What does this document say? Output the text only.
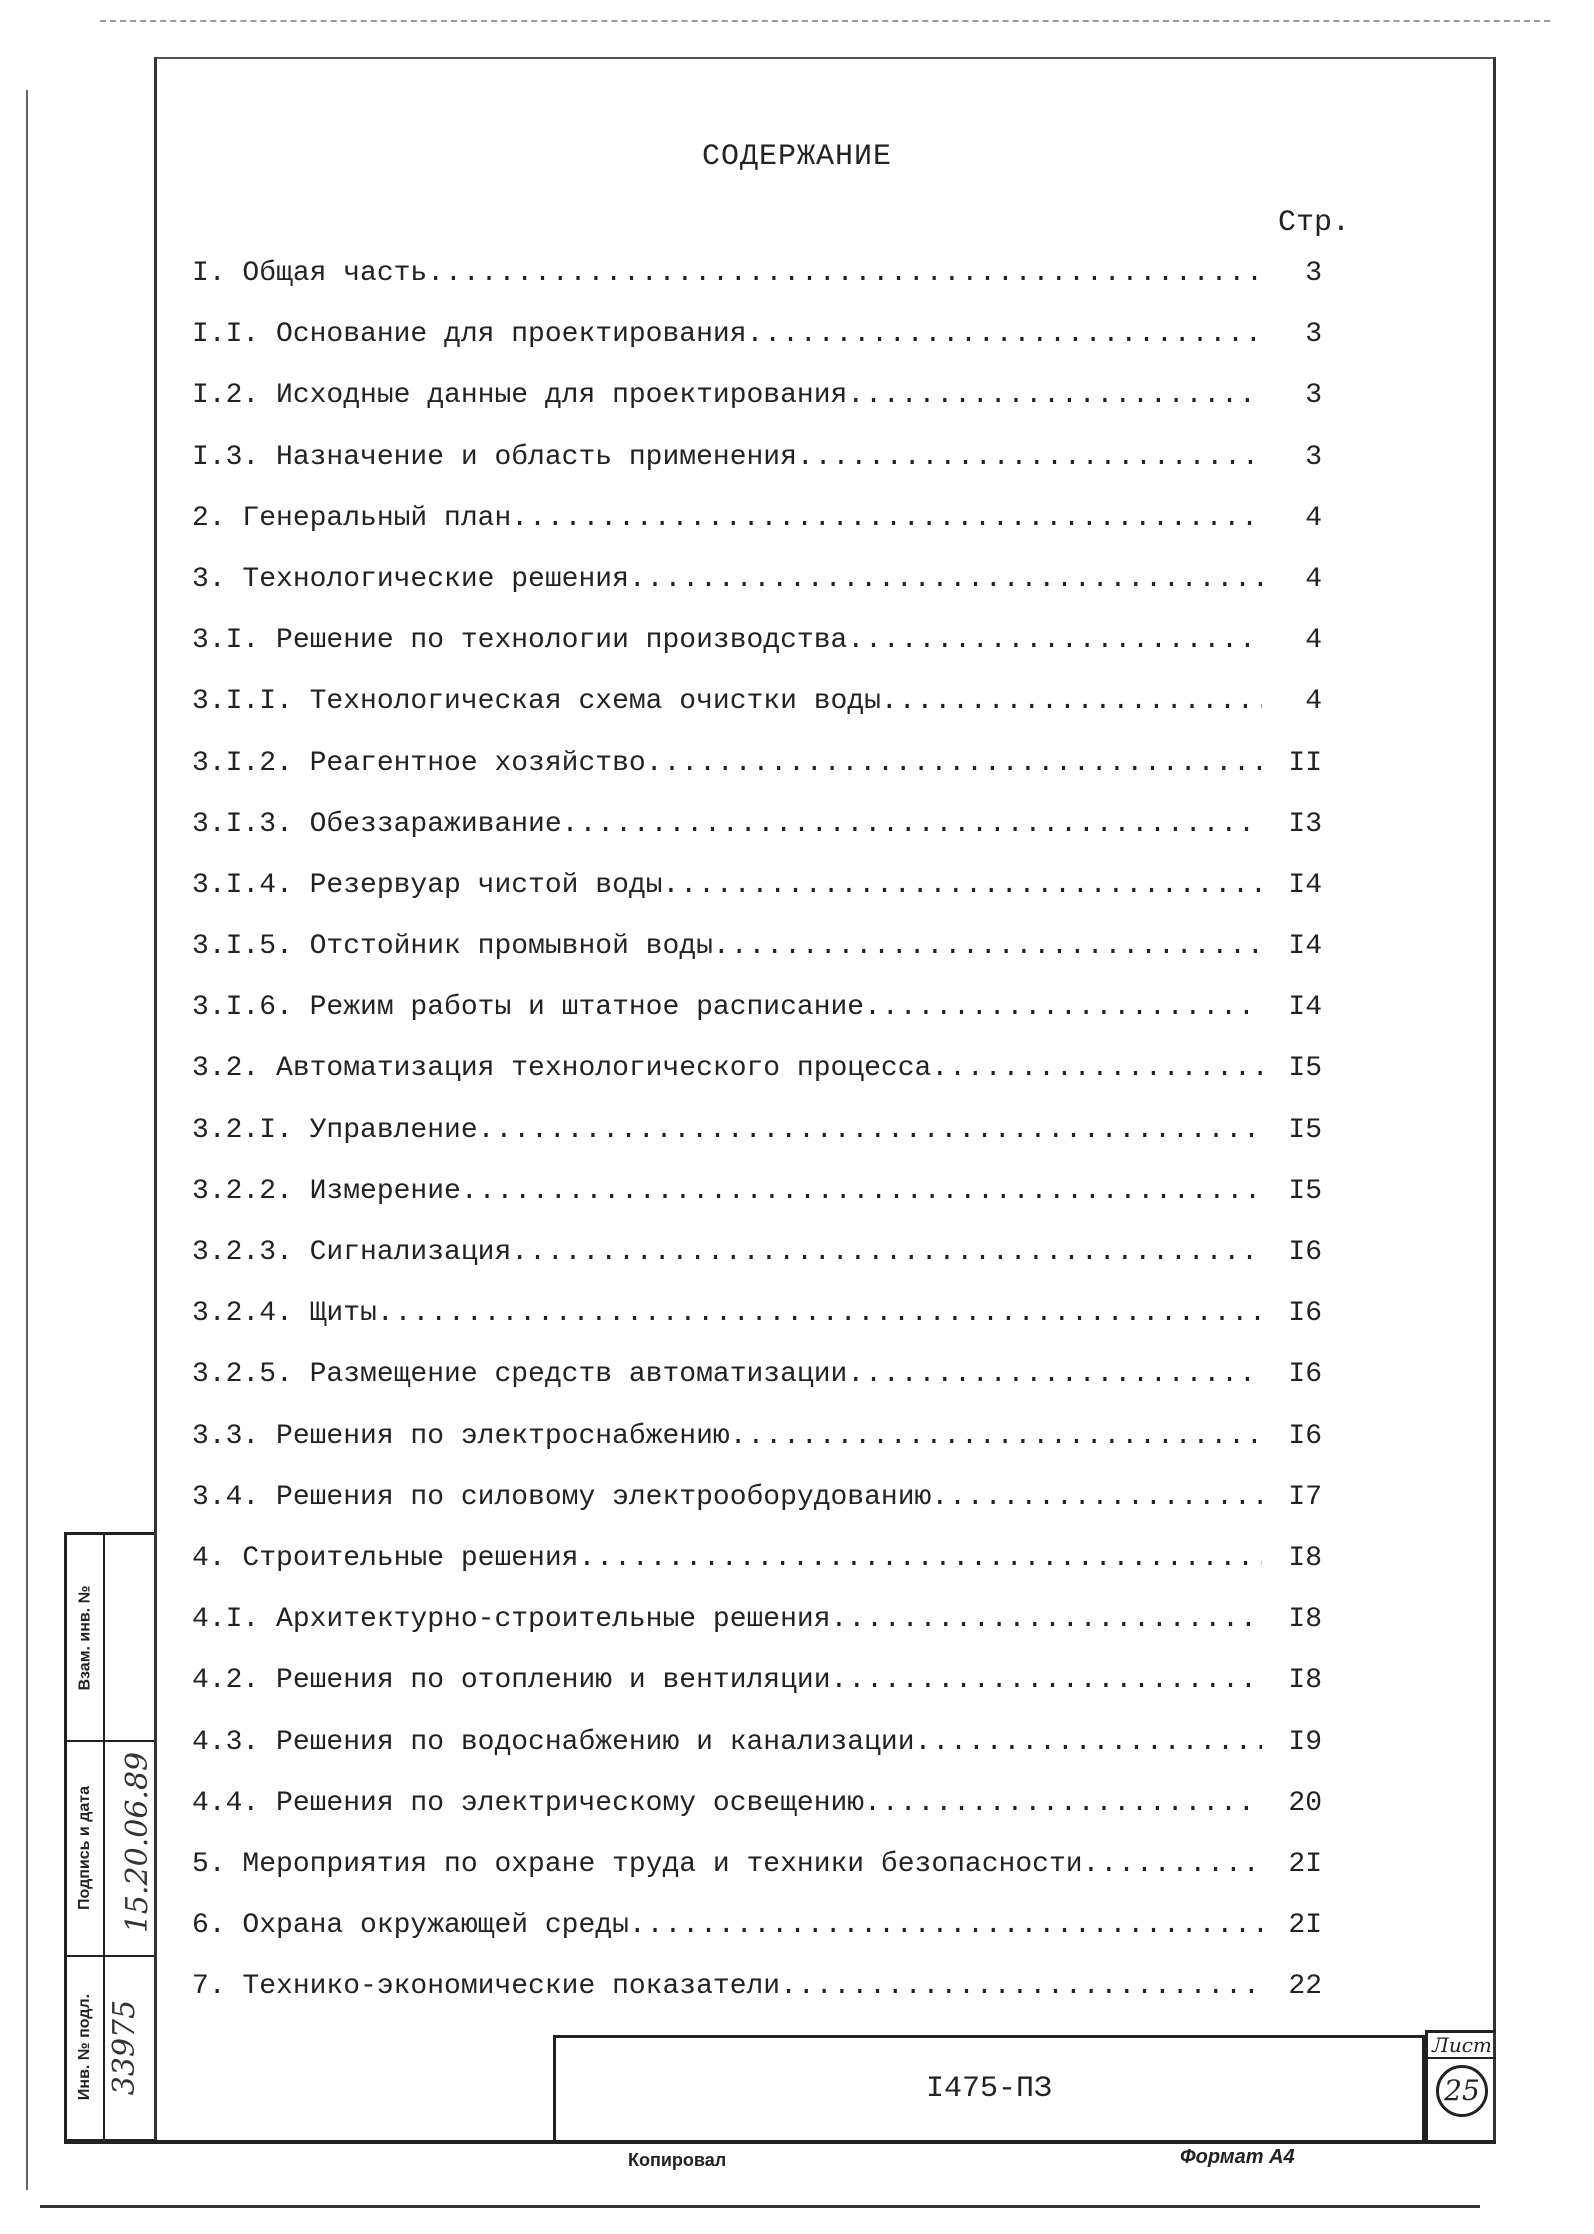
СОДЕРЖАНИЕ
Стр.
I. Общая часть .....	3
I.I. Основание для проектирования .....	3
I.2. Исходные данные для проектирования .....	3
I.3. Назначение и область применения .....	3
2. Генеральный план .....	4
3. Технологические решения .....	4
3.I. Решение по технологии производства .....	4
3.I.I. Технологическая схема очистки воды .....	4
3.I.2. Реагентное хозяйство .....	II
3.I.3. Обеззараживание .....	I3
3.I.4. Резервуар чистой воды .....	I4
3.I.5. Отстойник промывной воды .....	I4
3.I.6. Режим работы и штатное расписание .....	I4
3.2. Автоматизация технологического процесса .....	I5
3.2.I. Управление .....	I5
3.2.2. Измерение .....	I5
3.2.3. Сигнализация .....	I6
3.2.4. Щиты .....	I6
3.2.5. Размещение средств автоматизации .....	I6
3.3. Решения по электроснабжению .....	I6
3.4. Решения по силовому электрооборудованию .....	I7
4. Строительные решения .....	I8
4.I. Архитектурно-строительные решения .....	I8
4.2. Решения по отоплению и вентиляции .....	I8
4.3. Решения по водоснабжению и канализации .....	I9
4.4. Решения по электрическому освещению .....	20
5. Мероприятия по охране труда и техники безопасности .....	2I
6. Охрана окружающей среды .....	2I
7. Технико-экономические показатели .....	22
Взам. инв. №
Подпись и дата
Инв. № подл.
15.20.06.89
33975	I475-ПЗ
Лист
25
Копировал	Формат А4
